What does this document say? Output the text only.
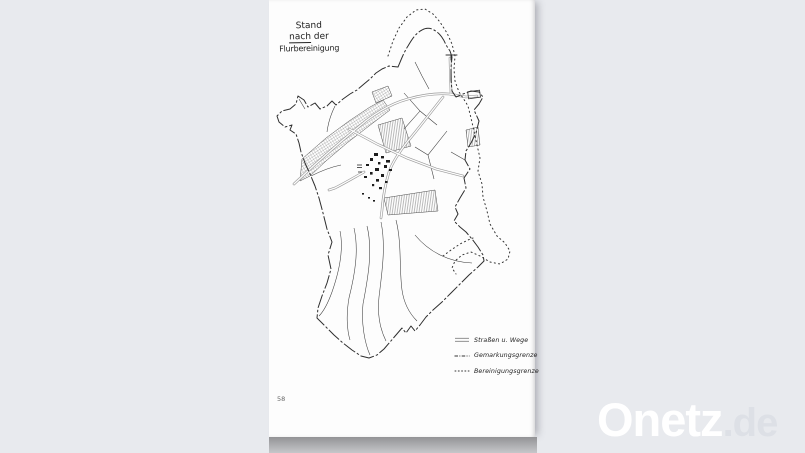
Stand
nach der
Flurbereinigung
Straßen u. Wege
Gemarkungsgrenze
Bereinigungsgrenze
58	Onetz.de
